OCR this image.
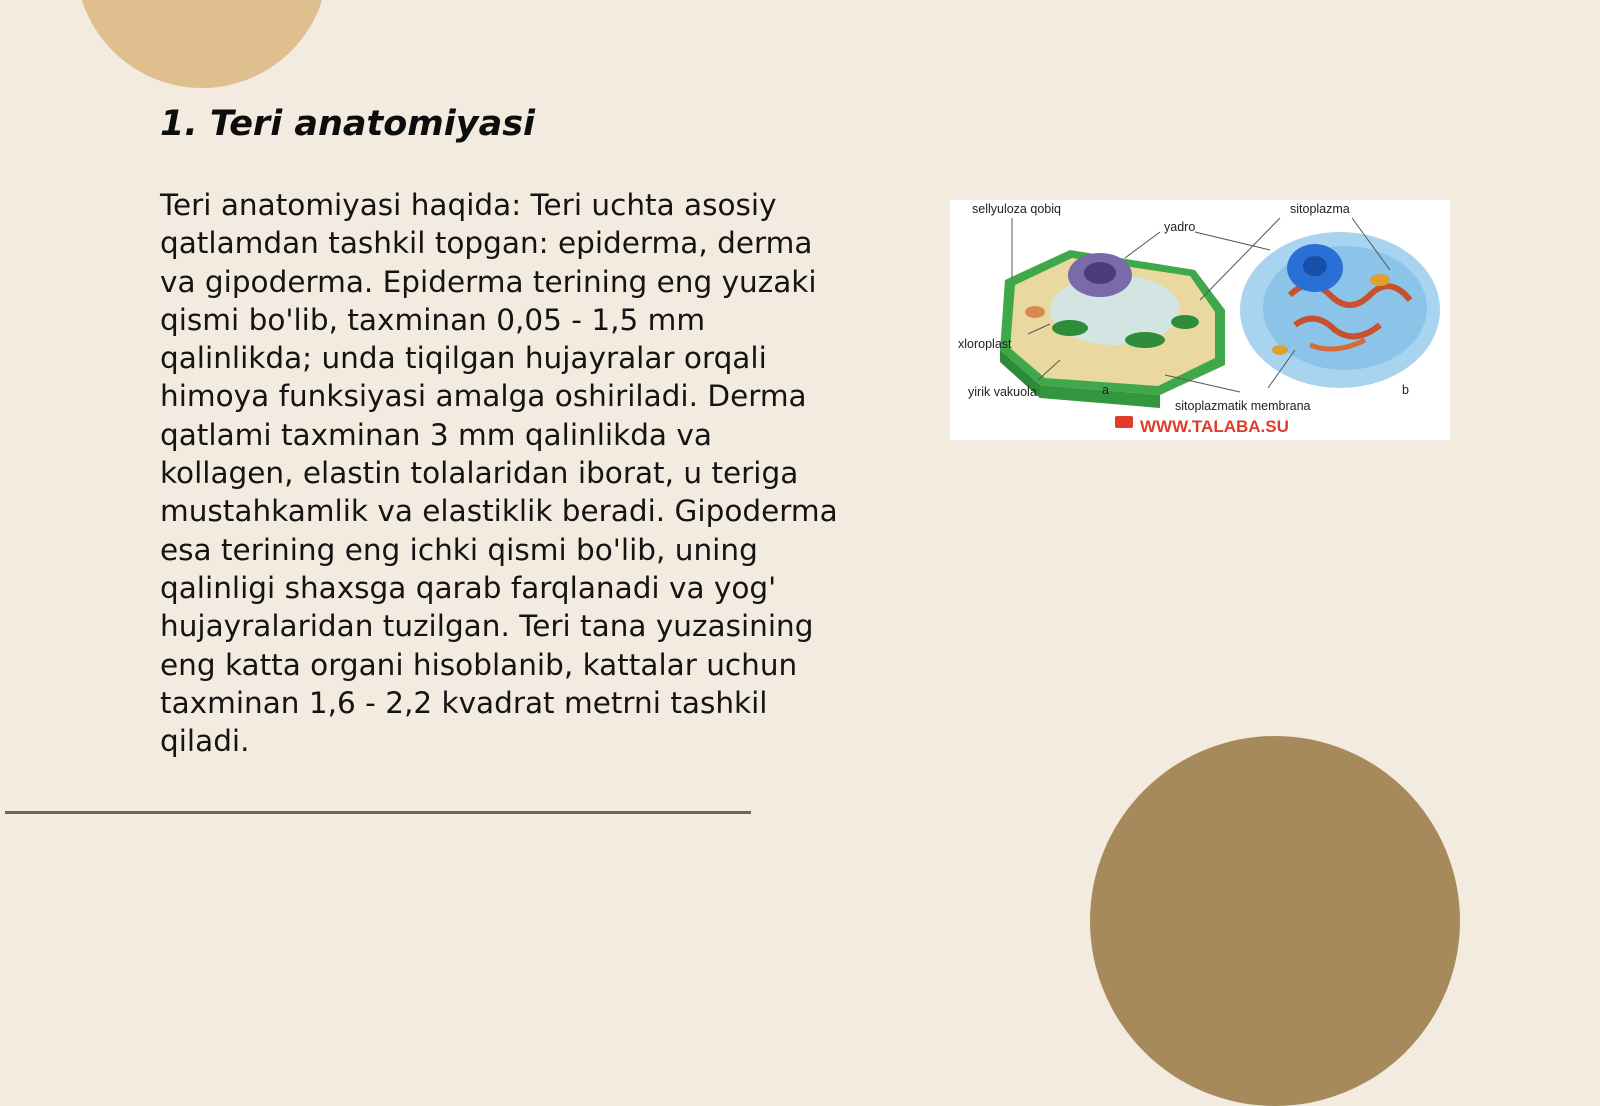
1. Teri anatomiyasi

Teri anatomiyasi haqida: Teri uchta asosiy qatlamdan tashkil topgan: epiderma, derma va gipoderma. Epiderma terining eng yuzaki qismi bo'lib, taxminan 0,05 - 1,5 mm qalinlikda; unda tiqilgan hujayralar orqali himoya funksiyasi amalga oshiriladi. Derma qatlami taxminan 3 mm qalinlikda va kollagen, elastin tolalaridan iborat, u teriga mustahkamlik va elastiklik beradi. Gipoderma esa terining eng ichki qismi bo'lib, uning qalinligi shaxsga qarab farqlanadi va yog' hujayralaridan tuzilgan. Teri tana yuzasining eng katta organi hisoblanib, kattalar uchun taxminan 1,6 - 2,2 kvadrat metrni tashkil qiladi.

sellyuloza qobiq
yadro
sitoplazma
xloroplast
yirik vakuola	a
sitoplazmatik membrana
b
WWW.TALABA.SU
